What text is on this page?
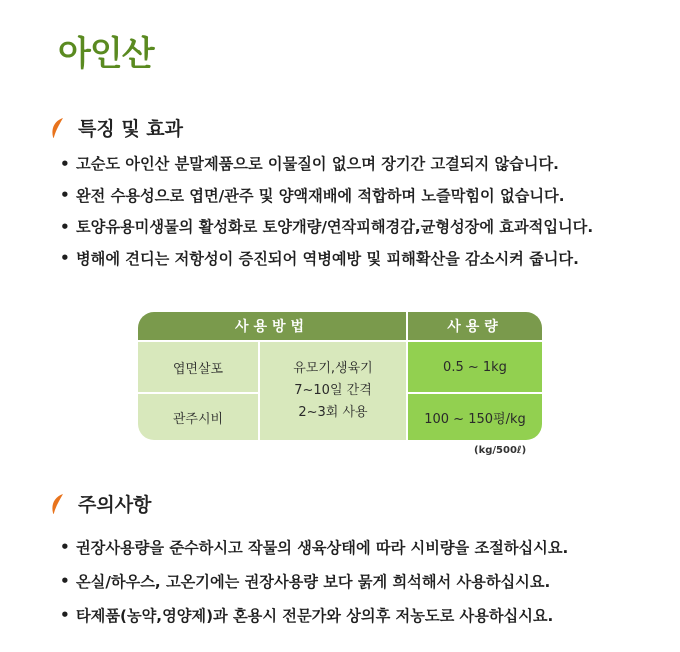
아인산
특징 및 효과
• 고순도 아인산 분말제품으로 이물질이 없으며 장기간 고결되지 않습니다.
• 완전 수용성으로 엽면/관주 및 양액재배에 적합하며 노즐막힘이 없습니다.
• 토양유용미생물의 활성화로 토양개량/연작피해경감,균형성장에 효과적입니다.
• 병해에 견디는 저항성이 증진되어 역병예방 및 피해확산을 감소시켜 줍니다.
사용방법	사용량
엽면살포
관주시비
유모기,생육기
7~10일 간격
2~3회 사용
0.5 ~ 1kg
100 ~ 150평/kg
(kg/500ℓ)
주의사항
• 권장사용량을 준수하시고 작물의 생육상태에 따라 시비량을 조절하십시요.
• 온실/하우스, 고온기에는 권장사용량 보다 묽게 희석해서 사용하십시요.
• 타제품(농약,영양제)과 혼용시 전문가와 상의후 저농도로 사용하십시요.
